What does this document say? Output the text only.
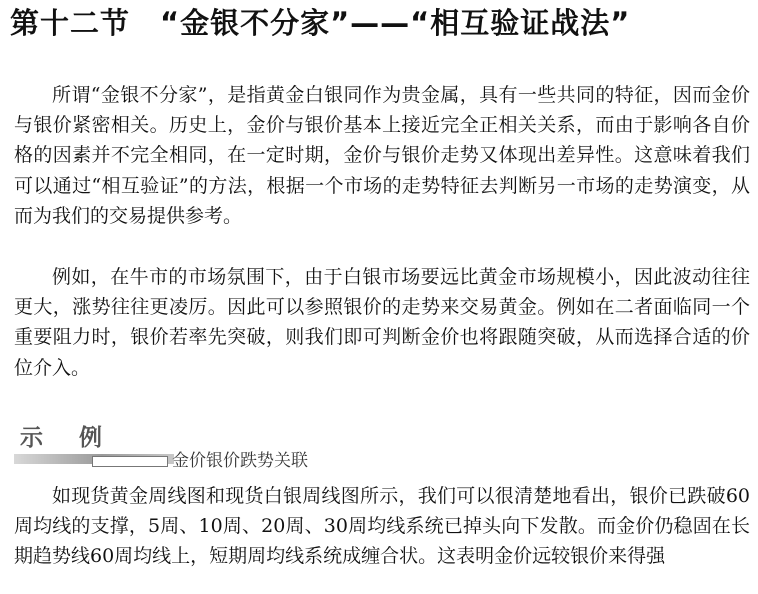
第十二节 “金银不分家”——“相互验证战法”

所谓“金银不分家”，是指黄金白银同作为贵金属，具有一些共同的特征，因而金价与银价紧密相关。历史上，金价与银价基本上接近完全正相关关系，而由于影响各自价格的因素并不完全相同，在一定时期，金价与银价走势又体现出差异性。这意味着我们可以通过“相互验证”的方法，根据一个市场的走势特征去判断另一市场的走势演变，从而为我们的交易提供参考。

例如，在牛市的市场氛围下，由于白银市场要远比黄金市场规模小，因此波动往往更大，涨势往往更凌厉。因此可以参照银价的走势来交易黄金。例如在二者面临同一个重要阻力时，银价若率先突破，则我们即可判断金价也将跟随突破，从而选择合适的价位介入。

示例
金价银价跌势关联

如现货黄金周线图和现货白银周线图所示，我们可以很清楚地看出，银价已跌破60周均线的支撑，5周、10周、20周、30周均线系统已掉头向下发散。而金价仍稳固在长期趋势线60周均线上，短期周均线系统成缠合状。这表明金价远较银价来得强
